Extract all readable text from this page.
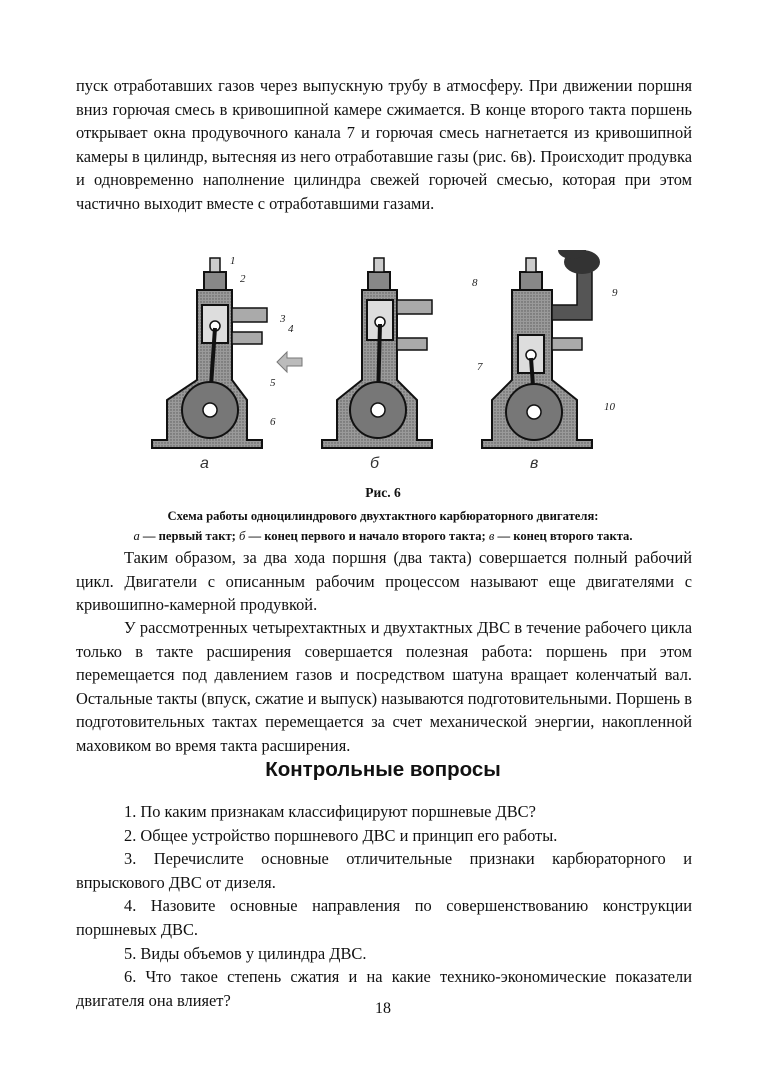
пуск отработавших газов через выпускную трубу в атмосферу. При движении поршня вниз горючая смесь в кривошипной камере сжимается. В конце второго такта поршень открывает окна продувочного канала 7 и горючая смесь нагнетается из кривошипной камеры в цилиндр, вытесняя из него отработавшие газы (рис. 6в). Происходит продувка и одновременно наполнение цилиндра свежей горючей смесью, которая при этом частично выходит вместе с отработавшими газами.

1
2
3
4
5
6
7
8
9
10
а	б	в

Рис. 6

Схема работы одноцилиндрового двухтактного карбюраторного двигателя:

а — первый такт; б — конец первого и начало второго такта; в — конец второго такта.

Таким образом, за два хода поршня (два такта) совершается полный рабочий цикл. Двигатели с описанным рабочим процессом называют еще двигателями с кривошипно-камерной продувкой.

У рассмотренных четырехтактных и двухтактных ДВС в течение рабочего цикла только в такте расширения совершается полезная работа: поршень при этом перемещается под давлением газов и посредством шатуна вращает коленчатый вал. Остальные такты (впуск, сжатие и выпуск) называются подготовительными. Поршень в подготовительных тактах перемещается за счет механической энергии, накопленной маховиком во время такта расширения.

Контрольные вопросы
1. По каким признакам классифицируют поршневые ДВС?
2. Общее устройство поршневого ДВС и принцип его работы.
3. Перечислите основные отличительные признаки карбюраторного и впрыскового ДВС от дизеля.
4. Назовите основные направления по совершенствованию конструкции поршневых ДВС.
5. Виды объемов у цилиндра ДВС.
6. Что такое степень сжатия и на какие технико-экономические показатели двигателя она влияет?	18
